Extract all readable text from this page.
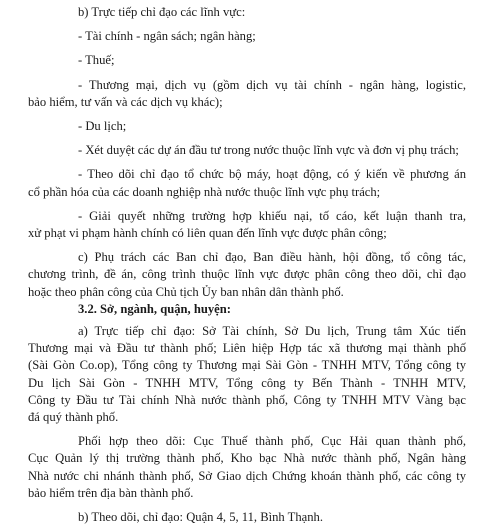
b) Trực tiếp chỉ đạo các lĩnh vực:

- Tài chính - ngân sách; ngân hàng;

- Thuế;

- Thương mại, dịch vụ (gồm dịch vụ tài chính - ngân hàng, logistic,
bảo hiểm, tư vấn và các dịch vụ khác);

- Du lịch;

- Xét duyệt các dự án đầu tư trong nước thuộc lĩnh vực và đơn vị phụ trách;

- Theo dõi chỉ đạo tổ chức bộ máy, hoạt động, có ý kiến về phương án
cổ phần hóa của các doanh nghiệp nhà nước thuộc lĩnh vực phụ trách;
- Giải quyết những trường hợp khiếu nại, tố cáo, kết luận thanh tra,
xử phạt vi phạm hành chính có liên quan đến lĩnh vực được phân công;
c) Phụ trách các Ban chỉ đạo, Ban điều hành, hội đồng, tổ công tác,
chương trình, đề án, công trình thuộc lĩnh vực được phân công theo dõi, chỉ đạo
hoặc theo phân công của Chủ tịch Ủy ban nhân dân thành phố.

3.2. Sở, ngành, quận, huyện:

a) Trực tiếp chỉ đạo: Sở Tài chính, Sở Du lịch, Trung tâm Xúc tiến
Thương mại và Đầu tư thành phố; Liên hiệp Hợp tác xã thương mại thành phố
(Sài Gòn Co.op), Tổng công ty Thương mại Sài Gòn - TNHH MTV, Tổng công ty
Du lịch Sài Gòn - TNHH MTV, Tổng công ty Bến Thành - TNHH MTV,
Công ty Đầu tư Tài chính Nhà nước thành phố, Công ty TNHH MTV Vàng bạc
đá quý thành phố.
Phối hợp theo dõi: Cục Thuế thành phố, Cục Hải quan thành phố,
Cục Quản lý thị trường thành phố, Kho bạc Nhà nước thành phố, Ngân hàng
Nhà nước chi nhánh thành phố, Sở Giao dịch Chứng khoán thành phố, các công ty
bảo hiểm trên địa bàn thành phố.

b) Theo dõi, chỉ đạo: Quận 4, 5, 11, Bình Thạnh.
